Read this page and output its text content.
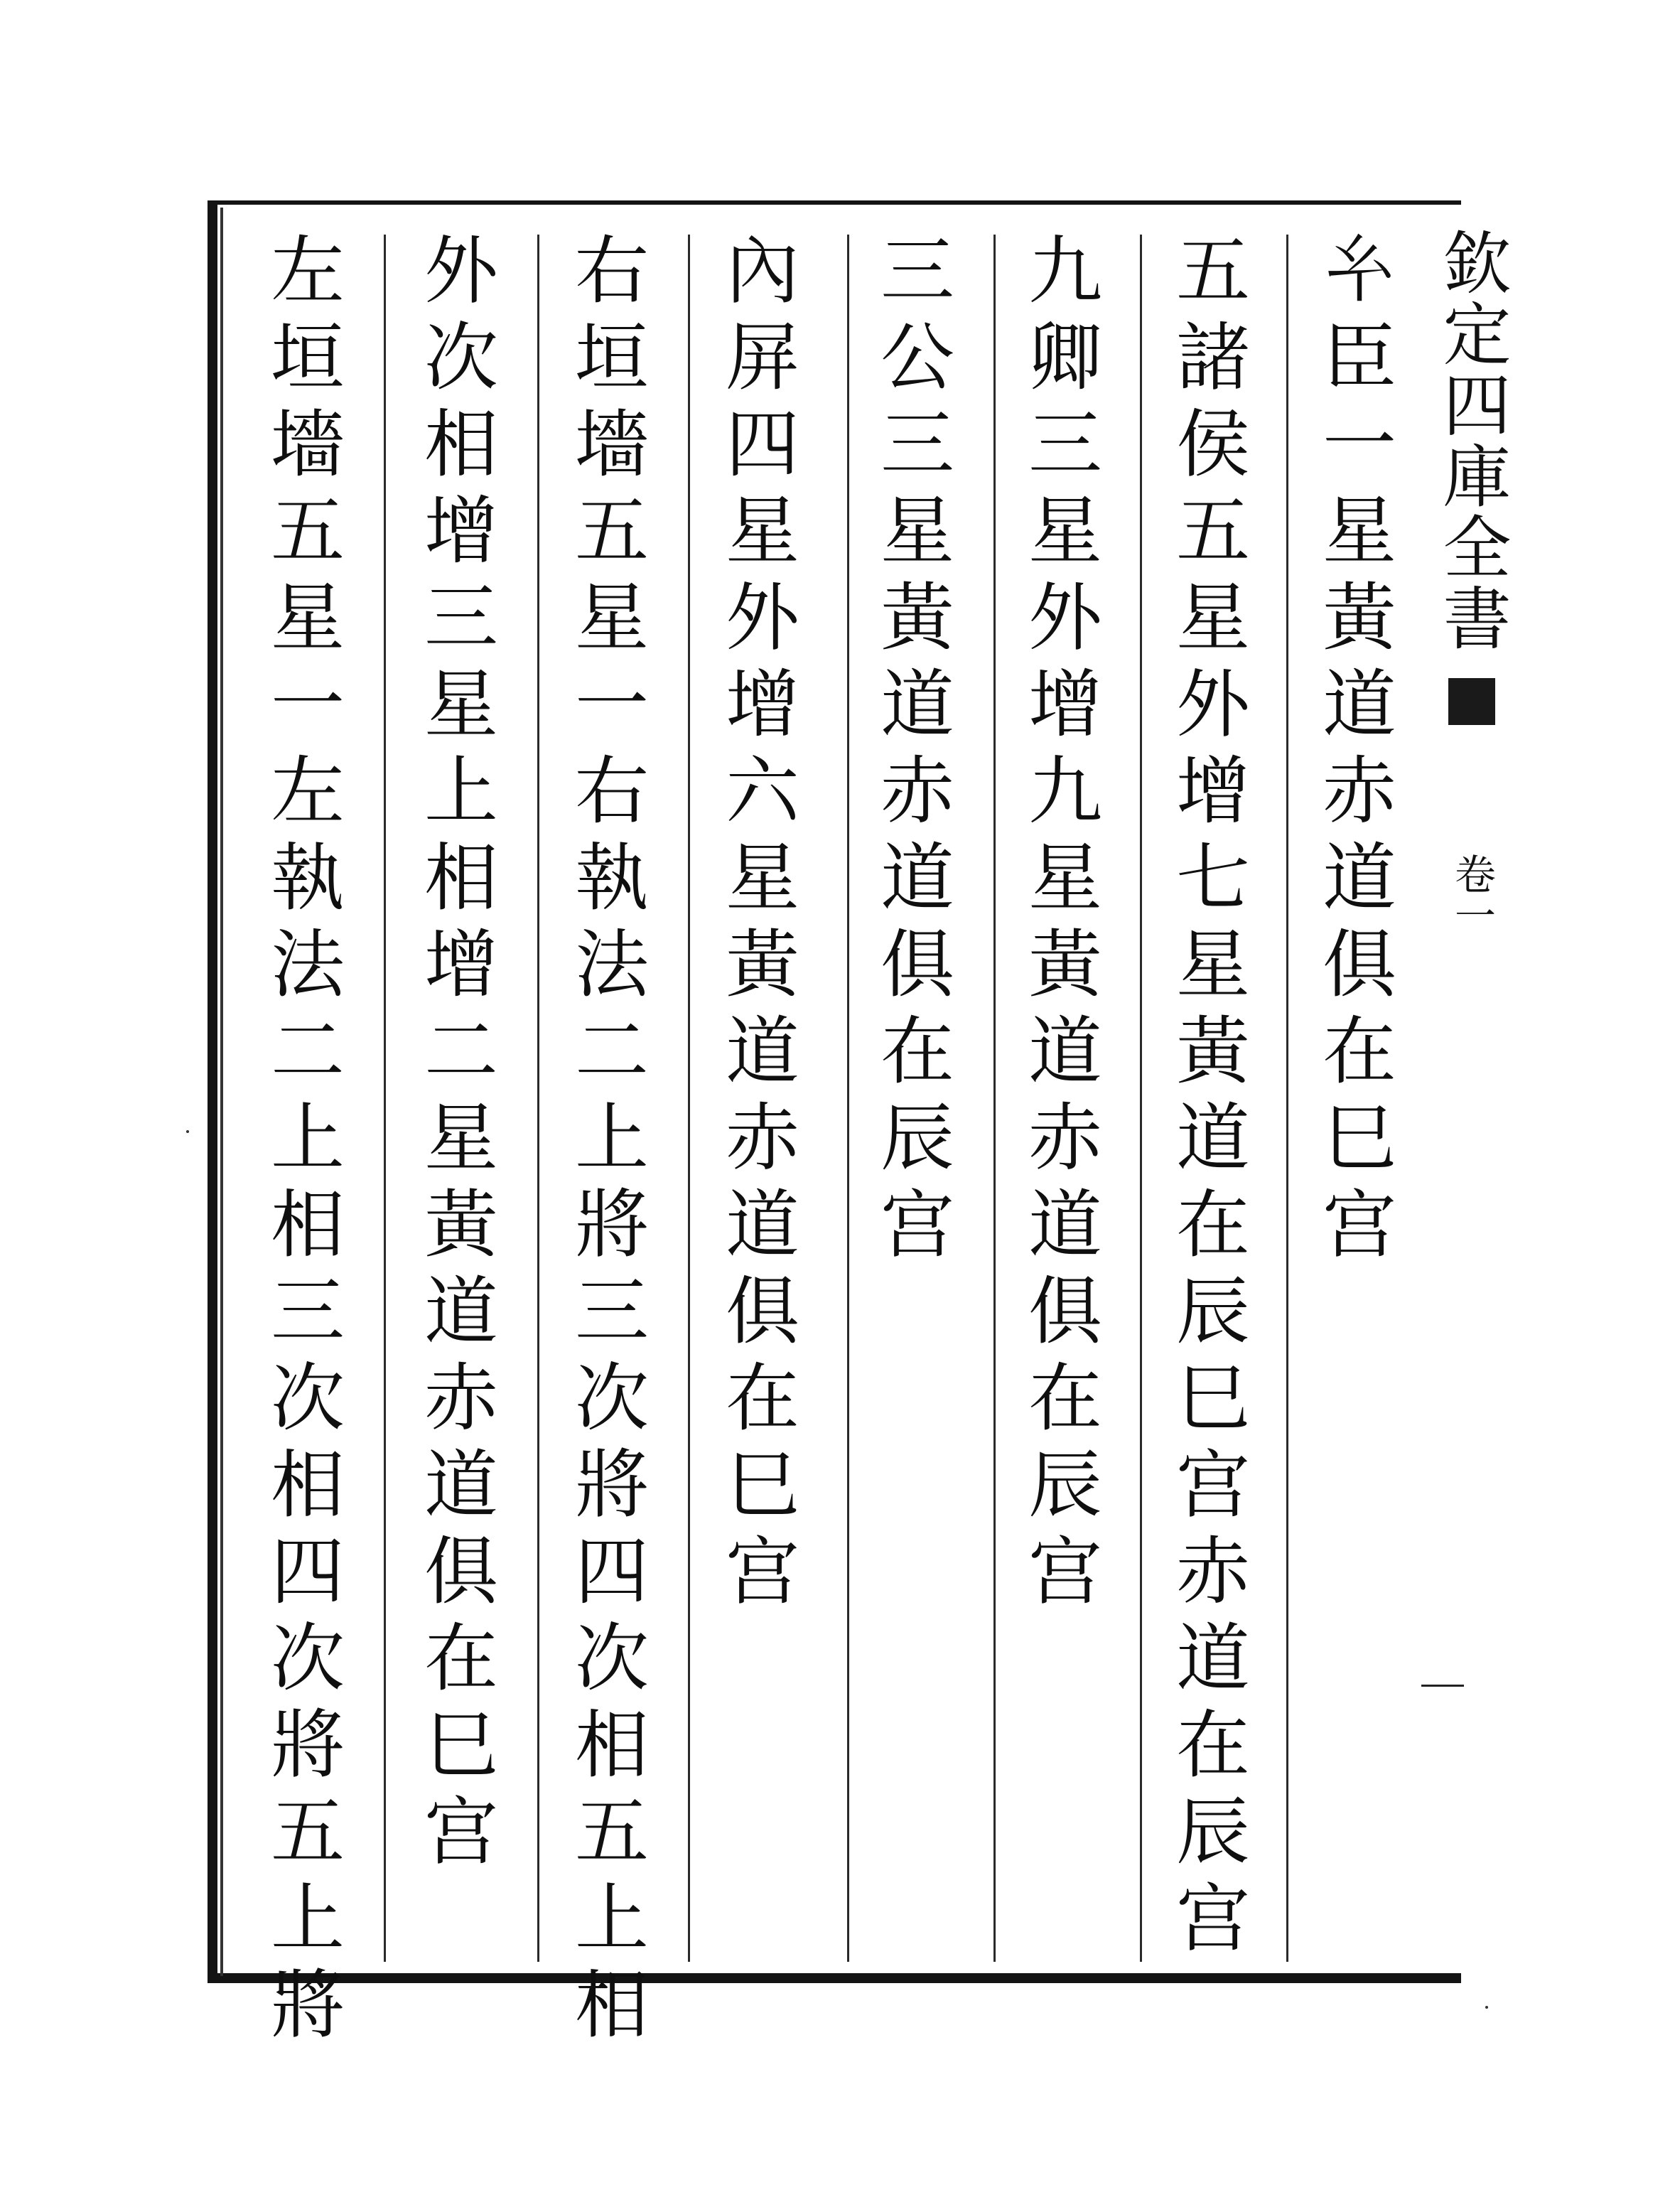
欽定四庫全書
卷一
𢆯
臣
一
星
黃
道
赤
道
俱
在
巳
宫
五
諸
侯
五
星
外
增
七
星
黃
道
在
辰
巳
宫
赤
道
在
辰
宫
九
卿
三
星
外
增
九
星
黃
道
赤
道
俱
在
辰
宫
三
公
三
星
黃
道
赤
道
俱
在
辰
宫
內
屏
四
星
外
增
六
星
黃
道
赤
道
俱
在
巳
宫
右
垣
墻
五
星
一
右
執
法
二
上
將
三
次
將
四
次
相
五
上
相
外
次
相
增
三
星
上
相
增
二
星
黃
道
赤
道
俱
在
巳
宫
左
垣
墻
五
星
一
左
執
法
二
上
相
三
次
相
四
次
將
五
上
將
